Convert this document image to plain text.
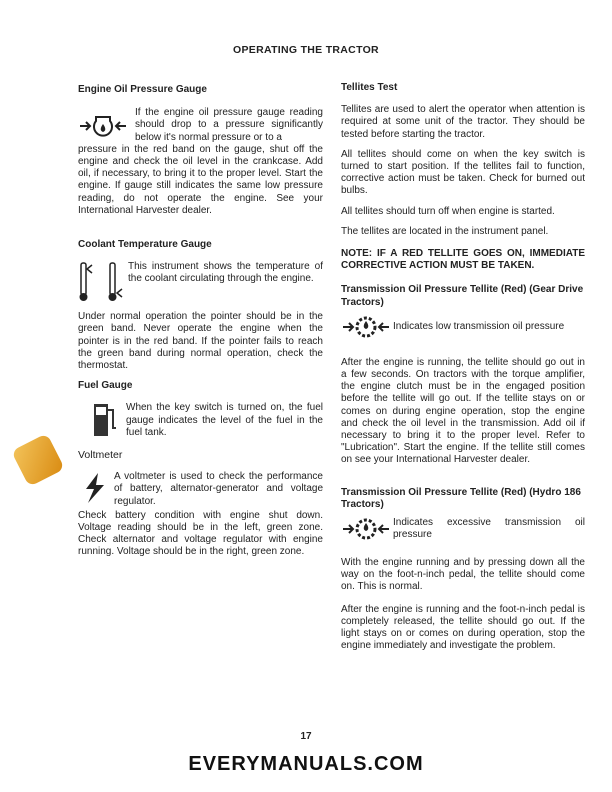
OPERATING THE TRACTOR
Engine Oil Pressure Gauge
If the engine oil pressure gauge reading should drop to a pressure significantly below it's normal pressure or to a
pressure in the red band on the gauge, shut off the engine and check the oil level in the crankcase. Add oil, if necessary, to bring it to the proper level. Start the engine. If gauge still indicates the same low pressure reading, do not operate the engine. See your International Harvester dealer.
Coolant Temperature Gauge
This instrument shows the temperature of the coolant circulating through the engine.
Under normal operation the pointer should be in the green band. Never operate the engine when the pointer is in the red band. If the pointer fails to reach the green band during normal operation, check the thermostat.
Fuel Gauge
When the key switch is turned on, the fuel gauge indicates the level of the fuel in the fuel tank.
Voltmeter
A voltmeter is used to check the performance of battery, alternator-generator and voltage regulator.
Check battery condition with engine shut down. Voltage reading should be in the left, green zone. Check alternator and voltage regulator with engine running. Voltage should be in the right, green zone.
Tellites Test
Tellites are used to alert the operator when attention is required at some unit of the tractor. They should be tested before starting the tractor.
All tellites should come on when the key switch is turned to start position. If the tellites fail to function, corrective action must be taken. Check for burned out bulbs.
All tellites should turn off when engine is started.
The tellites are located in the instrument panel.
NOTE: IF A RED TELLITE GOES ON, IMMEDIATE CORRECTIVE ACTION MUST BE TAKEN.
Transmission Oil Pressure Tellite (Red) (Gear Drive Tractors)
Indicates low transmission oil pressure
After the engine is running, the tellite should go out in a few seconds. On tractors with the torque amplifier, the engine clutch must be in the engaged position before the tellite will go out. If the tellite stays on or comes on during engine operation, stop the engine and check the oil level in the transmission. Add oil if necessary to bring it to the proper level. Refer to "Lubrication". Start the engine. If the tellite still comes on see your International Harvester dealer.
Transmission Oil Pressure Tellite (Red) (Hydro 186 Tractors)
Indicates excessive transmission oil pressure
With the engine running and by pressing down all the way on the foot-n-inch pedal, the tellite should come on. This is normal.
After the engine is running and the foot-n-inch pedal is completely released, the tellite should go out. If the light stays on or comes on during operation, stop the engine immediately and investigate the problem.
17
EVERYMANUALS.COM
